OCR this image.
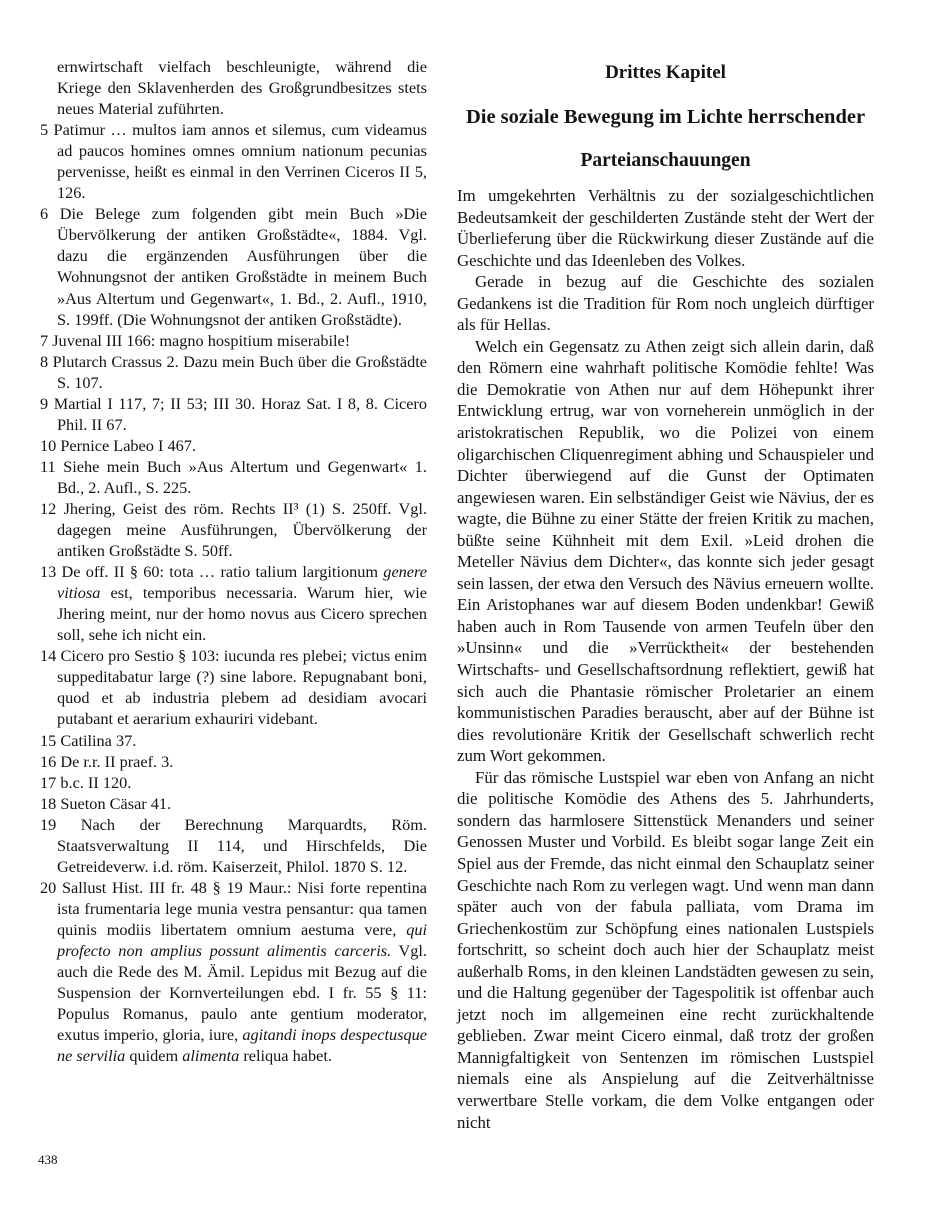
ernwirtschaft vielfach beschleunigte, während die Kriege den Sklavenherden des Großgrundbesitzes stets neues Material zuführten.
5 Patimur … multos iam annos et silemus, cum videamus ad paucos homines omnes omnium nationum pecunias pervenisse, heißt es einmal in den Verrinen Ciceros II 5, 126.
6 Die Belege zum folgenden gibt mein Buch »Die Übervölkerung der antiken Großstädte«, 1884. Vgl. dazu die ergänzenden Ausführungen über die Wohnungsnot der antiken Großstädte in meinem Buch »Aus Altertum und Gegenwart«, 1. Bd., 2. Aufl., 1910, S. 199ff. (Die Wohnungsnot der antiken Großstädte).
7 Juvenal III 166: magno hospitium miserabile!
8 Plutarch Crassus 2. Dazu mein Buch über die Großstädte S. 107.
9 Martial I 117, 7; II 53; III 30. Horaz Sat. I 8, 8. Cicero Phil. II 67.
10 Pernice Labeo I 467.
11 Siehe mein Buch »Aus Altertum und Gegenwart« 1. Bd., 2. Aufl., S. 225.
12 Jhering, Geist des röm. Rechts II³ (1) S. 250ff. Vgl. dagegen meine Ausführungen, Übervölkerung der antiken Großstädte S. 50ff.
13 De off. II § 60: tota … ratio talium largitionum genere vitiosa est, temporibus necessaria. Warum hier, wie Jhering meint, nur der homo novus aus Cicero sprechen soll, sehe ich nicht ein.
14 Cicero pro Sestio § 103: iucunda res plebei; victus enim suppeditabatur large (?) sine labore. Repugnabant boni, quod et ab industria plebem ad desidiam avocari putabant et aerarium exhauriri videbant.
15 Catilina 37.
16 De r.r. II praef. 3.
17 b.c. II 120.
18 Sueton Cäsar 41.
19 Nach der Berechnung Marquardts, Röm. Staatsverwaltung II 114, und Hirschfelds, Die Getreideverw. i.d. röm. Kaiserzeit, Philol. 1870 S. 12.
20 Sallust Hist. III fr. 48 § 19 Maur.: Nisi forte repentina ista frumentaria lege munia vestra pensantur: qua tamen quinis modiis libertatem omnium aestuma vere, qui profecto non amplius possunt alimentis carceris. Vgl. auch die Rede des M. Ämil. Lepidus mit Bezug auf die Suspension der Kornverteilungen ebd. I fr. 55 § 11: Populus Romanus, paulo ante gentium moderator, exutus imperio, gloria, iure, agitandi inops despectusque ne servilia quidem alimenta reliqua habet.
Drittes Kapitel
Die soziale Bewegung im Lichte herrschender
Parteianschauungen

Im umgekehrten Verhältnis zu der sozialgeschichtlichen Bedeutsamkeit der geschilderten Zustände steht der Wert der Überlieferung über die Rückwirkung dieser Zustände auf die Geschichte und das Ideenleben des Volkes.

Gerade in bezug auf die Geschichte des sozialen Gedankens ist die Tradition für Rom noch ungleich dürftiger als für Hellas.

Welch ein Gegensatz zu Athen zeigt sich allein darin, daß den Römern eine wahrhaft politische Komödie fehlte! Was die Demokratie von Athen nur auf dem Höhepunkt ihrer Entwicklung ertrug, war von vorneherein unmöglich in der aristokratischen Republik, wo die Polizei von einem oligarchischen Cliquenregiment abhing und Schauspieler und Dichter überwiegend auf die Gunst der Optimaten angewiesen waren. Ein selbständiger Geist wie Nävius, der es wagte, die Bühne zu einer Stätte der freien Kritik zu machen, büßte seine Kühnheit mit dem Exil. »Leid drohen die Meteller Nävius dem Dichter«, das konnte sich jeder gesagt sein lassen, der etwa den Versuch des Nävius erneuern wollte. Ein Aristophanes war auf diesem Boden undenkbar! Gewiß haben auch in Rom Tausende von armen Teufeln über den »Unsinn« und die »Verrücktheit« der bestehenden Wirtschafts- und Gesellschaftsordnung reflektiert, gewiß hat sich auch die Phantasie römischer Proletarier an einem kommunistischen Paradies berauscht, aber auf der Bühne ist dies revolutionäre Kritik der Gesellschaft schwerlich recht zum Wort gekommen.

Für das römische Lustspiel war eben von Anfang an nicht die politische Komödie des Athens des 5. Jahrhunderts, sondern das harmlosere Sittenstück Menanders und seiner Genossen Muster und Vorbild. Es bleibt sogar lange Zeit ein Spiel aus der Fremde, das nicht einmal den Schauplatz seiner Geschichte nach Rom zu verlegen wagt. Und wenn man dann später auch von der fabula palliata, vom Drama im Griechenkostüm zur Schöpfung eines nationalen Lustspiels fortschritt, so scheint doch auch hier der Schauplatz meist außerhalb Roms, in den kleinen Landstädten gewesen zu sein, und die Haltung gegenüber der Tagespolitik ist offenbar auch jetzt noch im allgemeinen eine recht zurückhaltende geblieben. Zwar meint Cicero einmal, daß trotz der großen Mannigfaltigkeit von Sentenzen im römischen Lustspiel niemals eine als Anspielung auf die Zeitverhältnisse verwertbare Stelle vorkam, die dem Volke entgangen oder nicht

438
